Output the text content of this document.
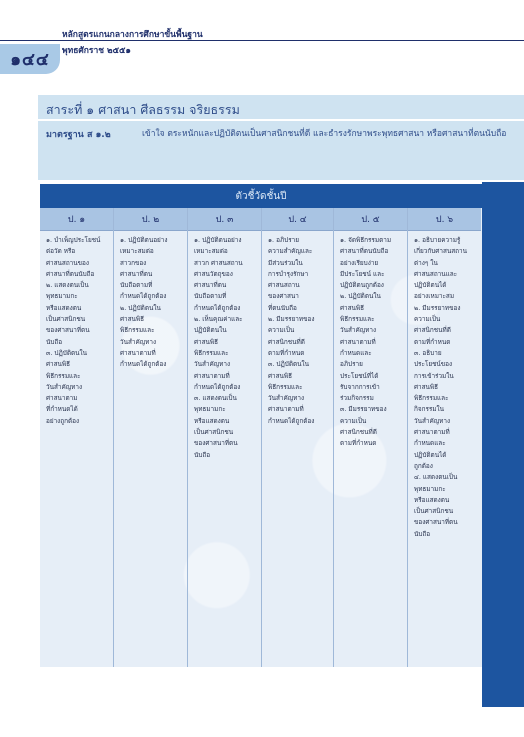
หลักสูตรแกนกลางการศึกษาขั้นพื้นฐาน
๑๔๔	พุทธศักราช ๒๕๕๑
สาระที่ ๑ ศาสนา ศีลธรรม จริยธรรม
มาตรฐาน ส ๑.๒	เข้าใจ ตระหนักและปฏิบัติตนเป็นศาสนิกชนที่ดี และธำรงรักษาพระพุทธศาสนา หรือศาสนาที่ตนนับถือ
ตัวชี้วัดชั้นปี
ป. ๑
๑. บำเพ็ญประโยชน์
ต่อวัด หรือ
ศาสนสถานของ
ศาสนาที่ตนนับถือ
๒. แสดงตนเป็น
พุทธมามกะ
หรือแสดงตน
เป็นศาสนิกชน
ของศาสนาที่ตน
นับถือ
๓. ปฏิบัติตนใน
ศาสนพิธี
พิธีกรรมและ
วันสำคัญทาง
ศาสนาตาม
ที่กำหนดได้
อย่างถูกต้อง
ป. ๒
๑. ปฏิบัติตนอย่าง
เหมาะสมต่อ
สาวกของ
ศาสนาที่ตน
นับถือตามที่
กำหนดได้ถูกต้อง
๒. ปฏิบัติตนใน
ศาสนพิธี
พิธีกรรมและ
วันสำคัญทาง
ศาสนาตามที่
กำหนดได้ถูกต้อง
ป. ๓
๑. ปฏิบัติตนอย่าง
เหมาะสมต่อ
สาวก ศาสนสถาน
ศาสนวัตถุของ
ศาสนาที่ตน
นับถือตามที่
กำหนดได้ถูกต้อง
๒. เห็นคุณค่าและ
ปฏิบัติตนใน
ศาสนพิธี
พิธีกรรมและ
วันสำคัญทาง
ศาสนาตามที่
กำหนดได้ถูกต้อง
๓. แสดงตนเป็น
พุทธมามกะ
หรือแสดงตน
เป็นศาสนิกชน
ของศาสนาที่ตน
นับถือ
ป. ๔
๑. อภิปราย
ความสำคัญและ
มีส่วนร่วมใน
การบำรุงรักษา
ศาสนสถาน
ของศาสนา
ที่ตนนับถือ
๒. มีมรรยาทของ
ความเป็น
ศาสนิกชนที่ดี
ตามที่กำหนด
๓. ปฏิบัติตนใน
ศาสนพิธี
พิธีกรรมและ
วันสำคัญทาง
ศาสนาตามที่
กำหนดได้ถูกต้อง
ป. ๕
๑. จัดพิธีกรรมตาม
ศาสนาที่ตนนับถือ
อย่างเรียบง่าย
มีประโยชน์ และ
ปฏิบัติตนถูกต้อง
๒. ปฏิบัติตนใน
ศาสนพิธี
พิธีกรรมและ
วันสำคัญทาง
ศาสนาตามที่
กำหนดและ
อภิปราย
ประโยชน์ที่ได้
รับจากการเข้า
ร่วมกิจกรรม
๓. มีมรรยาทของ
ความเป็น
ศาสนิกชนที่ดี
ตามที่กำหนด
ป. ๖
๑. อธิบายความรู้
เกี่ยวกับศาสนสถาน
ต่างๆ ใน
ศาสนสถานและ
ปฏิบัติตนได้
อย่างเหมาะสม
๒. มีมรรยาทของ
ความเป็น
ศาสนิกชนที่ดี
ตามที่กำหนด
๓. อธิบาย
ประโยชน์ของ
การเข้าร่วมใน
ศาสนพิธี
พิธีกรรมและ
กิจกรรมใน
วันสำคัญทาง
ศาสนาตามที่
กำหนดและ
ปฏิบัติตนได้
ถูกต้อง
๔. แสดงตนเป็น
พุทธมามกะ
หรือแสดงตน
เป็นศาสนิกชน
ของศาสนาที่ตน
นับถือ
